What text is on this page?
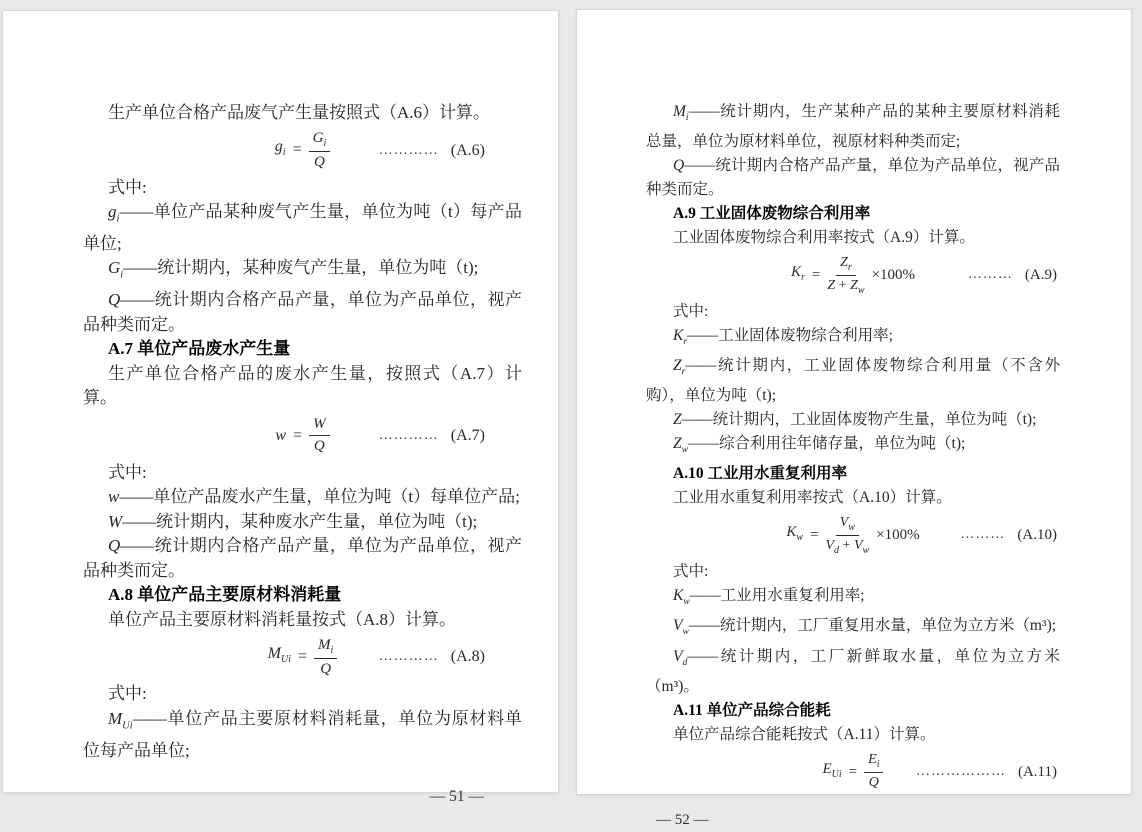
生产单位合格产品废气产生量按照式（A.6）计算。

$g_i = \frac{G_i}{Q}$	………… (A.6)

式中:

$g_i——$单位产品某种废气产生量，单位为吨（t）每产品单位;

$G_i——$统计期内，某种废气产生量，单位为吨（t);

Q——统计期内合格产品产量，单位为产品单位，视产品种类而定。

A.7 单位产品废水产生量

生产单位合格产品的废水产生量，按照式（A.7）计算。

$w = \frac{W}{Q}$	………… (A.7)

式中:

w——单位产品废水产生量，单位为吨（t）每单位产品;

W——统计期内，某种废水产生量，单位为吨（t);

Q——统计期内合格产品产量，单位为产品单位，视产品种类而定。

A.8 单位产品主要原材料消耗量

单位产品主要原材料消耗量按式（A.8）计算。

$M_{Ui} = \frac{M_i}{Q}$	………… (A.8)

式中:

$M_{Ui}——$单位产品主要原材料消耗量，单位为原材料单位每产品单位;

— 51 —

$M_i——$统计期内，生产某种产品的某种主要原材料消耗总量，单位为原材料单位，视原材料种类而定;

Q——统计期内合格产品产量，单位为产品单位，视产品种类而定。

A.9 工业固体废物综合利用率

工业固体废物综合利用率按式（A.9）计算。

$K_r = \frac{Z_r}{Z + Z_w} \times 100\%$	……… (A.9)

式中:

$K_r——$工业固体废物综合利用率;

$Z_r——$统计期内，工业固体废物综合利用量（不含外购），单位为吨（t);

Z——统计期内，工业固体废物产生量，单位为吨（t);

$Z_w——$综合利用往年储存量，单位为吨（t);

A.10 工业用水重复利用率

工业用水重复利用率按式（A.10）计算。

$K_w = \frac{V_w}{V_d + V_w} \times 100\%$	……… (A.10)

式中:

$K_w——$工业用水重复利用率;

$V_w——$统计期内，工厂重复用水量，单位为立方米（m³);

$V_d——$统计期内，工厂新鲜取水量，单位为立方米（m³)。

A.11 单位产品综合能耗

单位产品综合能耗按式（A.11）计算。

$E_{Ui} = \frac{E_i}{Q}$ ……………… (A.11)
— 52 —
